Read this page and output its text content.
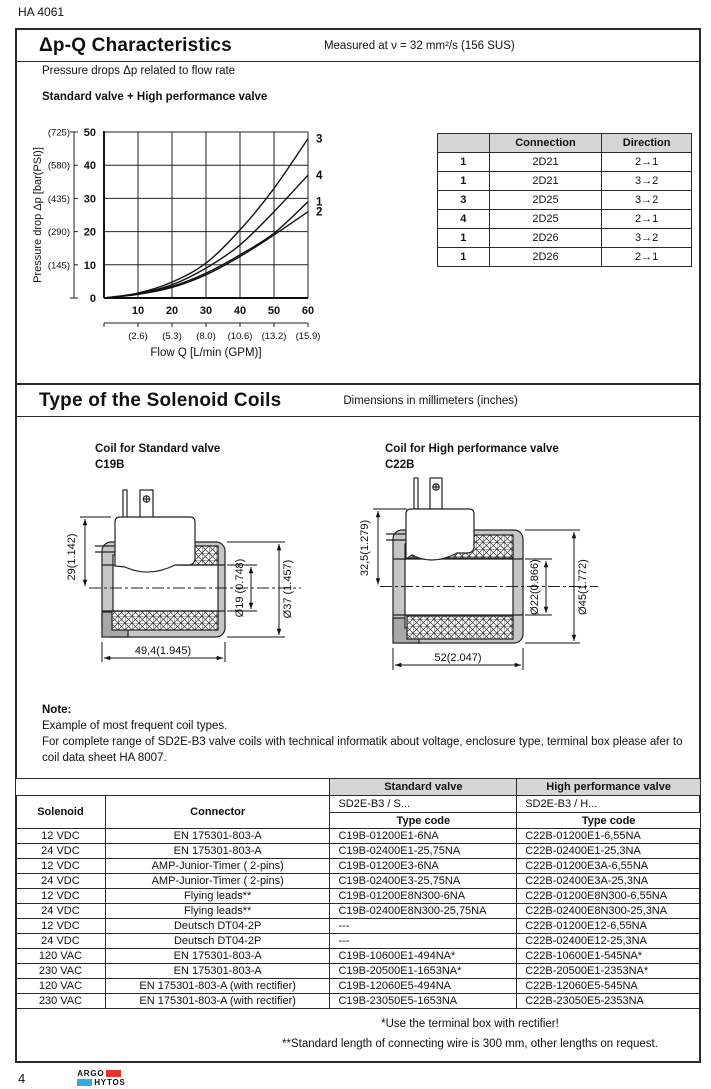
HA 4061
Δp-Q Characteristics	Measured at ν = 32 mm²/s (156 SUS)
Pressure drops Δp related to flow rate
Standard valve + High performance valve
0
10
20
30
40
50
(145)
(290)
(435)
(580)
(725)
10 20 30 40 50 60
(2.6) (5.3) (8.0) (10.6) (13.2) (15.9)
Flow Q [L/min (GPM)]
Pressure drop Δp [bar(PSI)]	1
2
3
4
	Connection	Direction
1	2D21	2→1
1	2D21	3→2
3	2D25	3→2
4	2D25	2→1
1	2D26	3→2
1	2D26	2→1
Type of the Solenoid Coils	Dimensions in millimeters (inches)
Coil for Standard valve
C19B
Coil for High performance valve
C22B
29(1.142)
49,4(1.945)
Ø19 (0.748)	Ø37 (1.457)
32,5(1.279)
52(2.047)
Ø22(0.866)	Ø45(1.772)
Note:
Example of most frequent coil types.
For complete range of SD2E-B3 valve coils with technical informatik about voltage, enclosure type, terminal box please afer to coil data sheet HA 8007.
		Standard valve	High performance valve
Solenoid	Connector	SD2E-B3 / S...	SD2E-B3 / H...
		Type code	Type code
12 VDC	EN 175301-803-A	C19B-01200E1-6NA	C22B-01200E1-6,55NA
24 VDC	EN 175301-803-A	C19B-02400E1-25,75NA	C22B-02400E1-25,3NA
12 VDC	AMP-Junior-Timer ( 2-pins)	C19B-01200E3-6NA	C22B-01200E3A-6,55NA
24 VDC	AMP-Junior-Timer ( 2-pins)	C19B-02400E3-25,75NA	C22B-02400E3A-25,3NA
12 VDC	Flying leads**	C19B-01200E8N300-6NA	C22B-01200E8N300-6,55NA
24 VDC	Flying leads**	C19B-02400E8N300-25,75NA	C22B-02400E8N300-25,3NA
12 VDC	Deutsch DT04-2P	---	C22B-01200E12-6,55NA
24 VDC	Deutsch DT04-2P	---	C22B-02400E12-25,3NA
120 VAC	EN 175301-803-A	C19B-10600E1-494NA*	C22B-10600E1-545NA*
230 VAC	EN 175301-803-A	C19B-20500E1-1653NA*	C22B-20500E1-2353NA*
120 VAC	EN 175301-803-A (with rectifier)	C19B-12060E5-494NA	C22B-12060E5-545NA
230 VAC	EN 175301-803-A (with rectifier)	C19B-23050E5-1653NA	C22B-23050E5-2353NA
*Use the terminal box with rectifier!
**Standard length of connecting wire is 300 mm, other lengths on request.
4	ARGO
HYTOS
